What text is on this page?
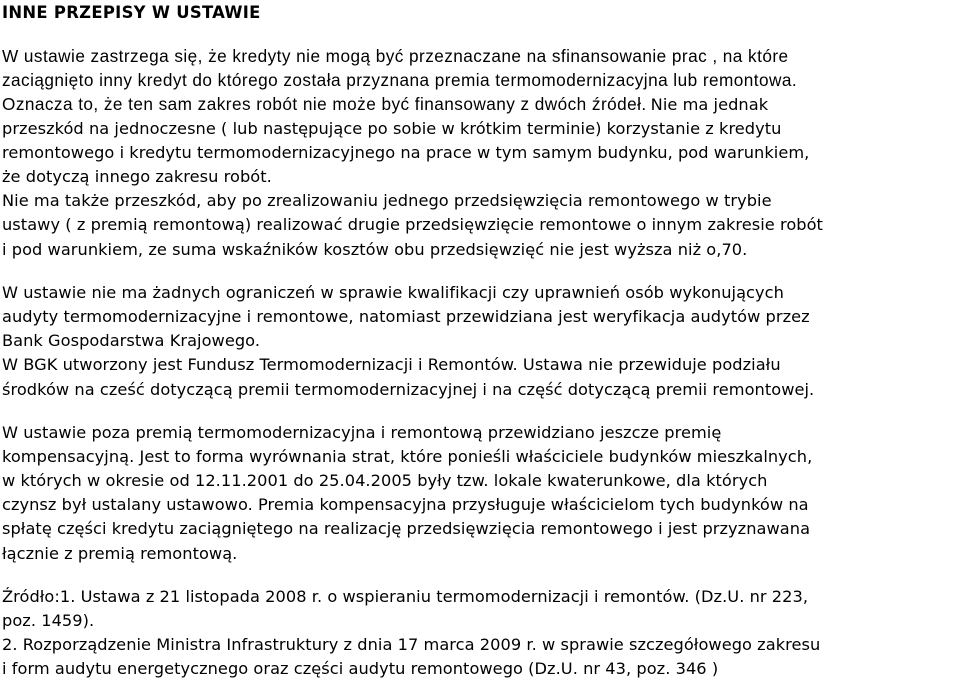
INNE PRZEPISY W USTAWIE
W ustawie zastrzega się, że kredyty nie mogą być przeznaczane na sfinansowanie prac , na które
zaciągnięto inny kredyt do którego została przyznana premia termomodernizacyjna lub remontowa.
Oznacza to, że ten sam zakres robót nie może być finansowany z dwóch źródeł. Nie ma jednak
przeszkód na jednoczesne ( lub następujące po sobie w krótkim terminie) korzystanie z kredytu
remontowego i kredytu termomodernizacyjnego na prace w tym samym budynku, pod warunkiem,
że dotyczą innego zakresu robót.
Nie ma także przeszkód, aby po zrealizowaniu jednego przedsięwzięcia remontowego w trybie
ustawy ( z premią remontową) realizować drugie przedsięwzięcie remontowe o innym zakresie robót
i pod warunkiem, ze suma wskaźników kosztów obu przedsięwzięć nie jest wyższa niż o,70.
W ustawie nie ma żadnych ograniczeń w sprawie kwalifikacji czy uprawnień osób wykonujących
audyty termomodernizacyjne i remontowe, natomiast przewidziana jest weryfikacja audytów przez
Bank Gospodarstwa Krajowego.
W BGK utworzony jest Fundusz Termomodernizacji i Remontów. Ustawa nie przewiduje podziału
środków na cześć dotyczącą premii termomodernizacyjnej i na część dotyczącą premii remontowej.
W ustawie poza premią termomodernizacyjna i remontową przewidziano jeszcze premię
kompensacyjną. Jest to forma wyrównania strat, które ponieśli właściciele budynków mieszkalnych,
w których w okresie od 12.11.2001 do 25.04.2005 były tzw. lokale kwaterunkowe, dla których
czynsz był ustalany ustawowo. Premia kompensacyjna przysługuje właścicielom tych budynków na
spłatę części kredytu zaciągniętego na realizację przedsięwzięcia remontowego i jest przyznawana
łącznie z premią remontową.
Źródło:1. Ustawa z 21 listopada 2008 r. o wspieraniu termomodernizacji i remontów. (Dz.U. nr 223,
poz. 1459).
2. Rozporządzenie Ministra Infrastruktury z dnia 17 marca 2009 r. w sprawie szczegółowego zakresu
i form audytu energetycznego oraz części audytu remontowego (Dz.U. nr 43, poz. 346 )
